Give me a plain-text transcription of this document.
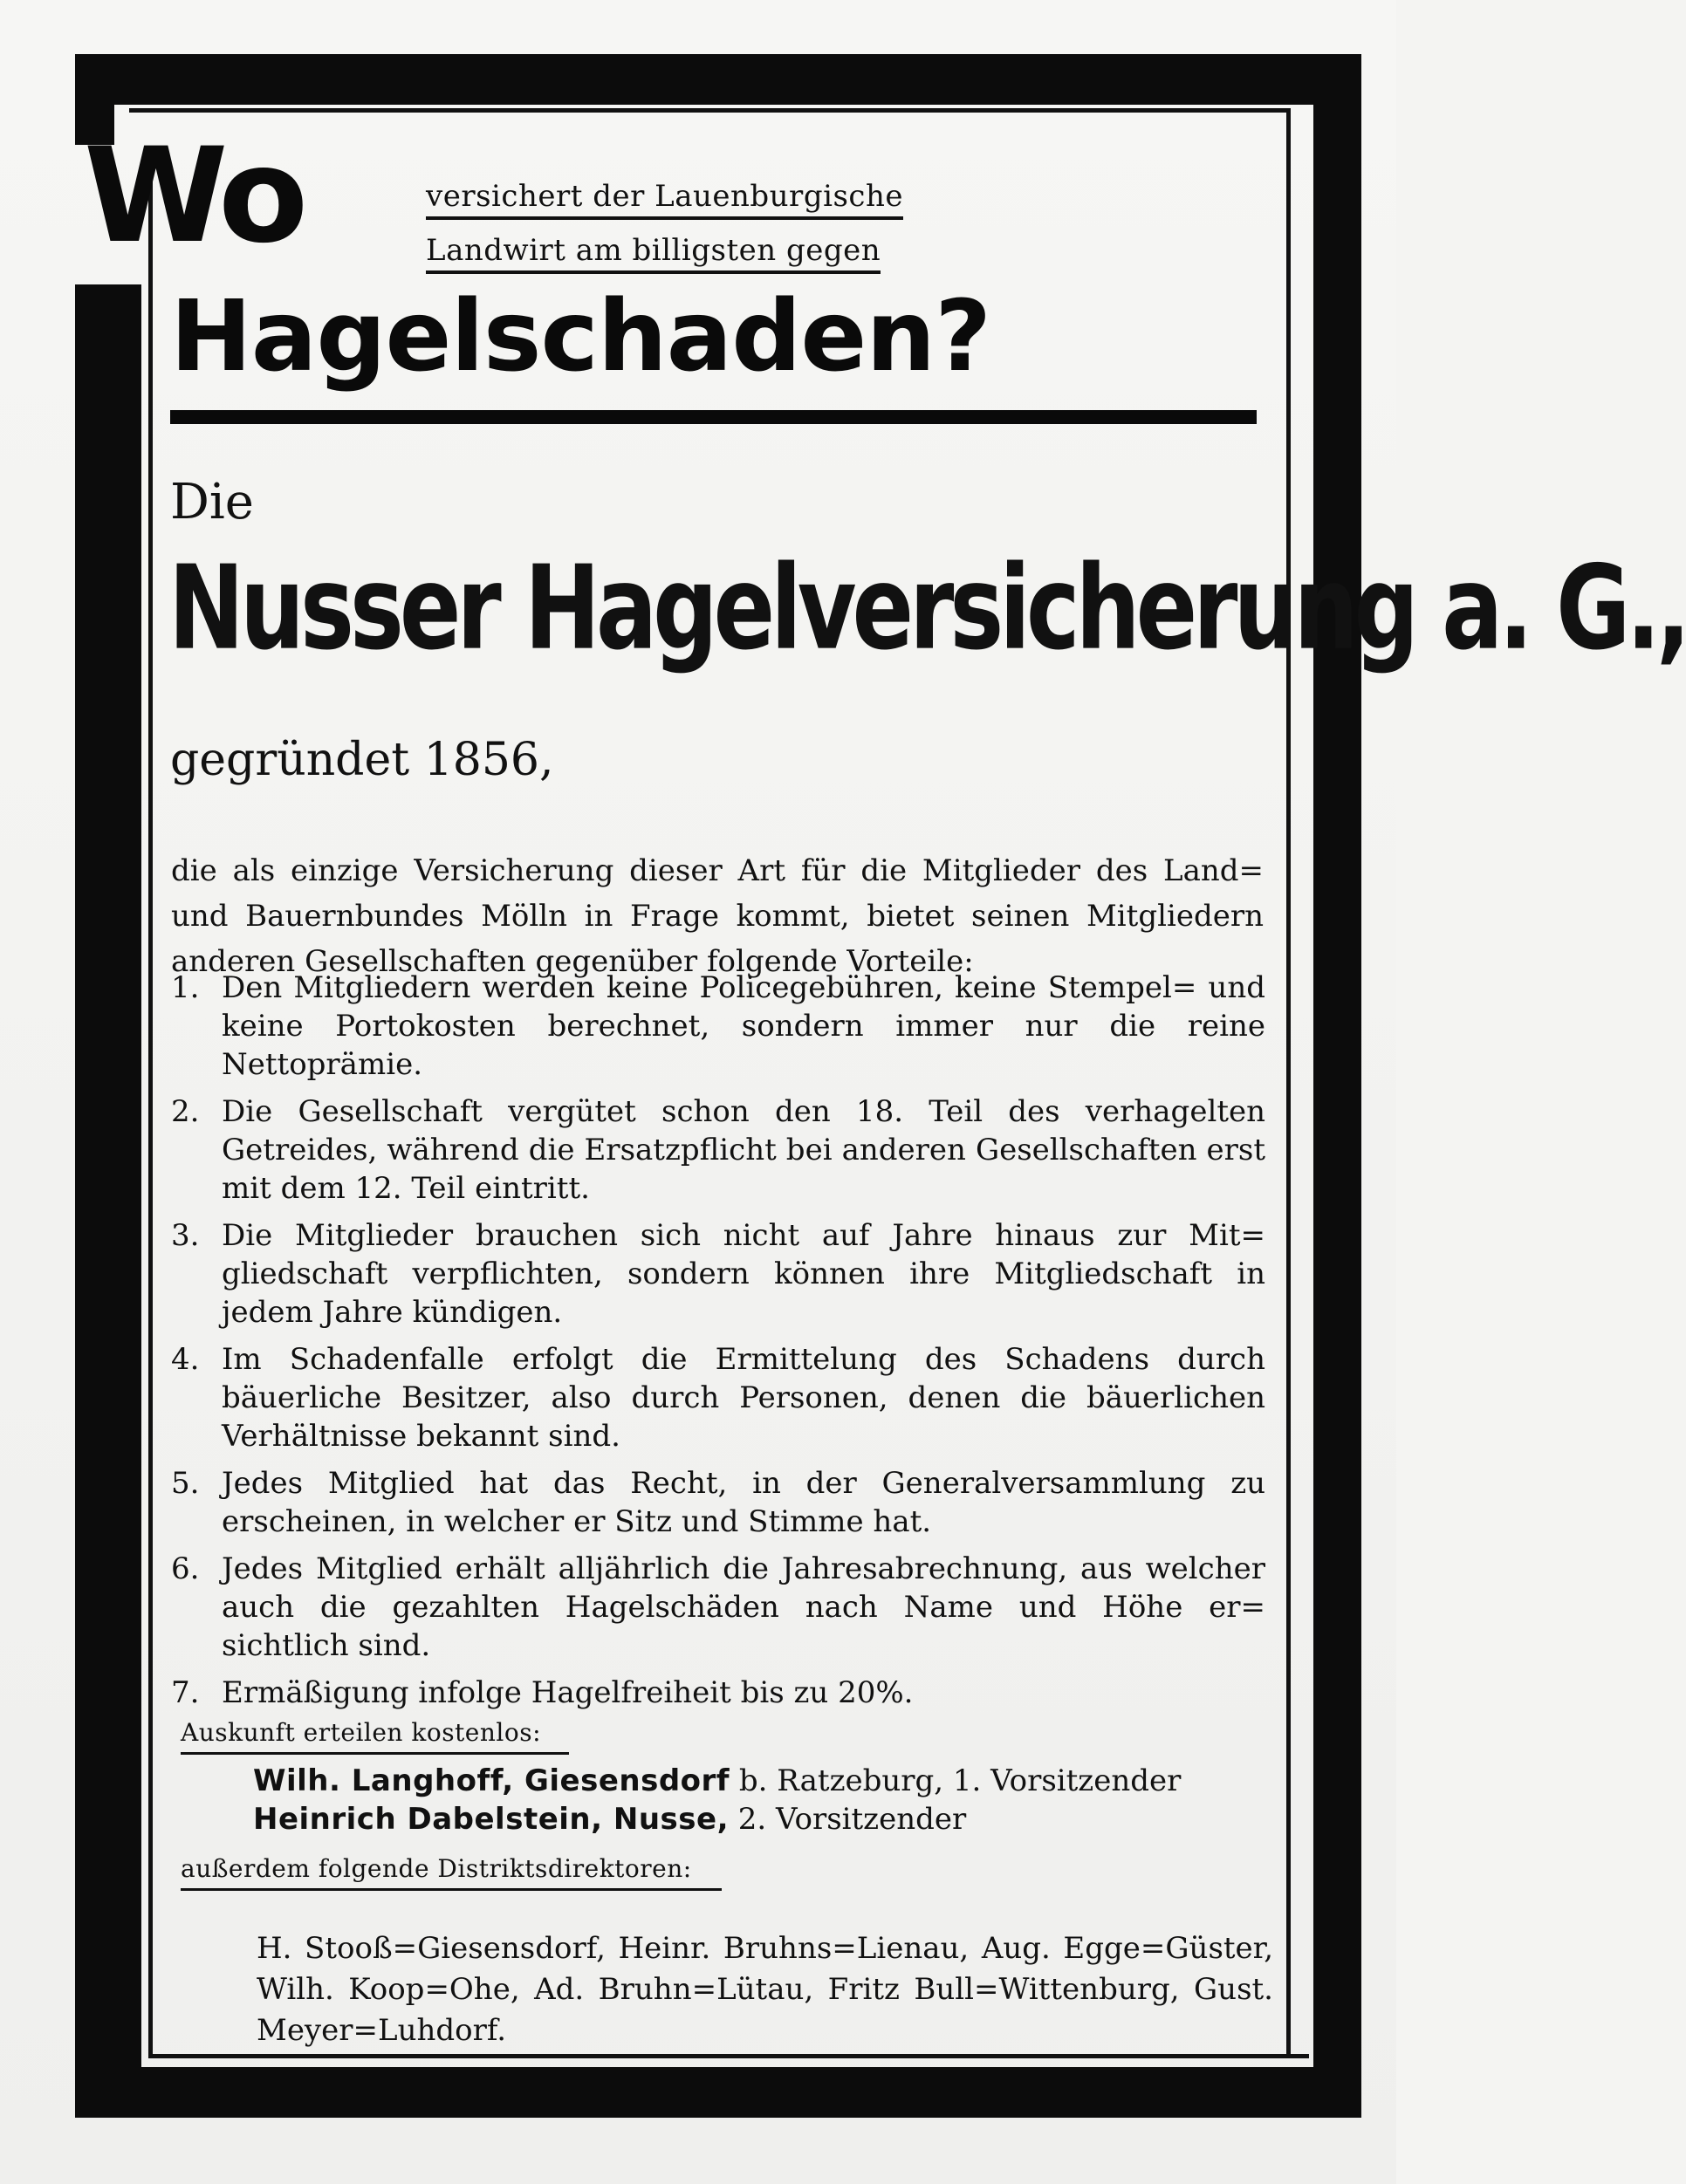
Wo	versichert der Lauenburgische
Landwirt am billigsten gegen
Hagelschaden?
Die
Nusser Hagelversicherung a. G.,
gegründet 1856,

die als einzige Versicherung dieser Art für die Mitglieder des Land= und Bauernbundes Mölln in Frage kommt, bietet seinen Mitgliedern anderen Gesellschaften gegenüber folgende Vorteile:

1. Den Mitgliedern werden keine Policegebühren, keine Stempel= und keine Portokosten berechnet, sondern immer nur die reine Nettoprämie.
2. Die Gesellschaft vergütet schon den 18. Teil des verhagelten Getreides, während die Ersatzpflicht bei anderen Gesellschaften erst mit dem 12. Teil eintritt.
3. Die Mitglieder brauchen sich nicht auf Jahre hinaus zur Mit= gliedschaft verpflichten, sondern können ihre Mitgliedschaft in jedem Jahre kündigen.
4. Im Schadenfalle erfolgt die Ermittelung des Schadens durch bäuerliche Besitzer, also durch Personen, denen die bäuerlichen Verhältnisse bekannt sind.
5. Jedes Mitglied hat das Recht, in der Generalversammlung zu erscheinen, in welcher er Sitz und Stimme hat.
6. Jedes Mitglied erhält alljährlich die Jahresabrechnung, aus welcher auch die gezahlten Hagelschäden nach Name und Höhe er= sichtlich sind.
7. Ermäßigung infolge Hagelfreiheit bis zu 20%.
Auskunft erteilen kostenlos:
Wilh. Langhoff, Giesensdorf b. Ratzeburg, 1. Vorsitzender
Heinrich Dabelstein, Nusse, 2. Vorsitzender
außerdem folgende Distriktsdirektoren:

H. Stooß=Giesensdorf, Heinr. Bruhns=Lienau, Aug. Egge=Güster, Wilh. Koop=Ohe, Ad. Bruhn=Lütau, Fritz Bull=Wittenburg, Gust. Meyer=Luhdorf.
